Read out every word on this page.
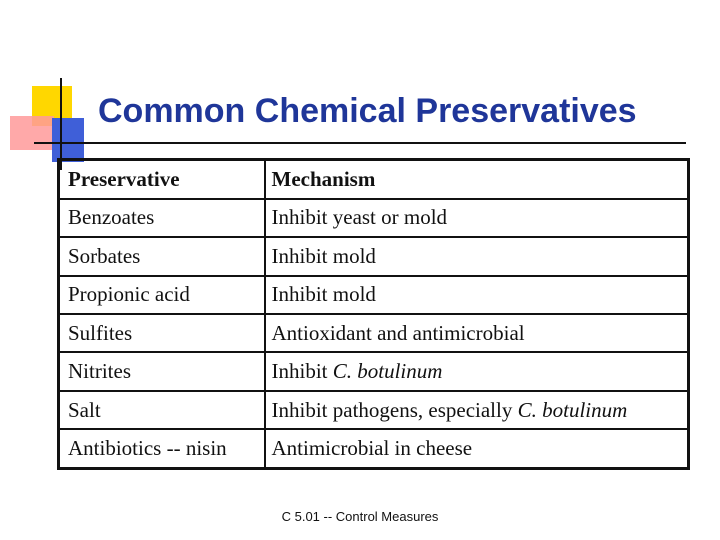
Common Chemical Preservatives
Preservative	Mechanism
Benzoates	Inhibit yeast or mold
Sorbates	Inhibit mold
Propionic acid	Inhibit mold
Sulfites	Antioxidant and antimicrobial
Nitrites	Inhibit C. botulinum
Salt	Inhibit pathogens, especially C. botulinum
Antibiotics -- nisin	Antimicrobial in cheese
C 5.01 -- Control Measures
